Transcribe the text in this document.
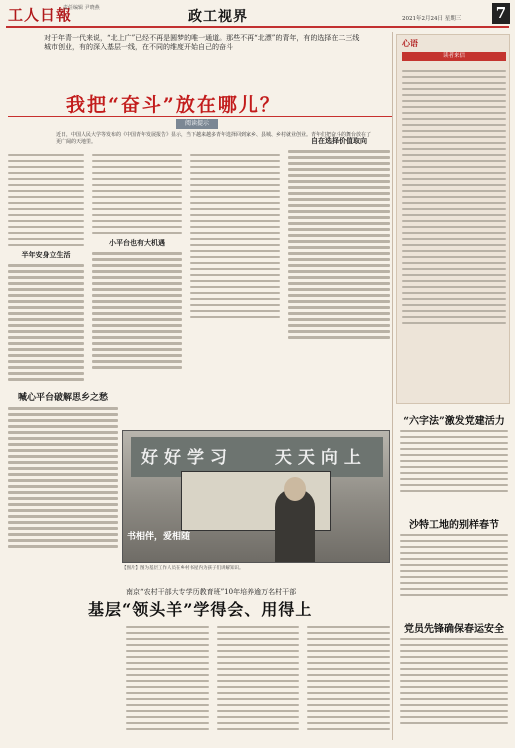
工人日報
责任编辑 尹晓燕
政工视界	2021年2月24日 星期三 7
对于年青一代来说，“北上广”已经不再是圆梦的唯一通道。那些不再“北漂”的青年，有的选择在二三线城市创业，有的深入基层一线，在不同的维度开始自己的奋斗
我把“奋斗”放在哪儿？
阅读提示
近日，中国人民大学等发布的《中国青年发展报告》显示，当下越来越多青年选择回到家乡、县城、乡村就业创业。青年们把奋斗的舞台放在了更广阔的天地里。
半年安身立生活
喊心平台破解思乡之愁
小平台也有大机遇
自在选择价值取向
好好学习 天天向上
书相伴，爱相随
【图片】图为基层工作人员在乡村书屋内为孩子们讲解知识。
南京“农村干部大专学历教育班”10年培养逾万名村干部
基层“领头羊”学得会、用得上
心语
读者来信
“六字法”激发党建活力
沙特工地的别样春节
党员先锋确保春运安全
